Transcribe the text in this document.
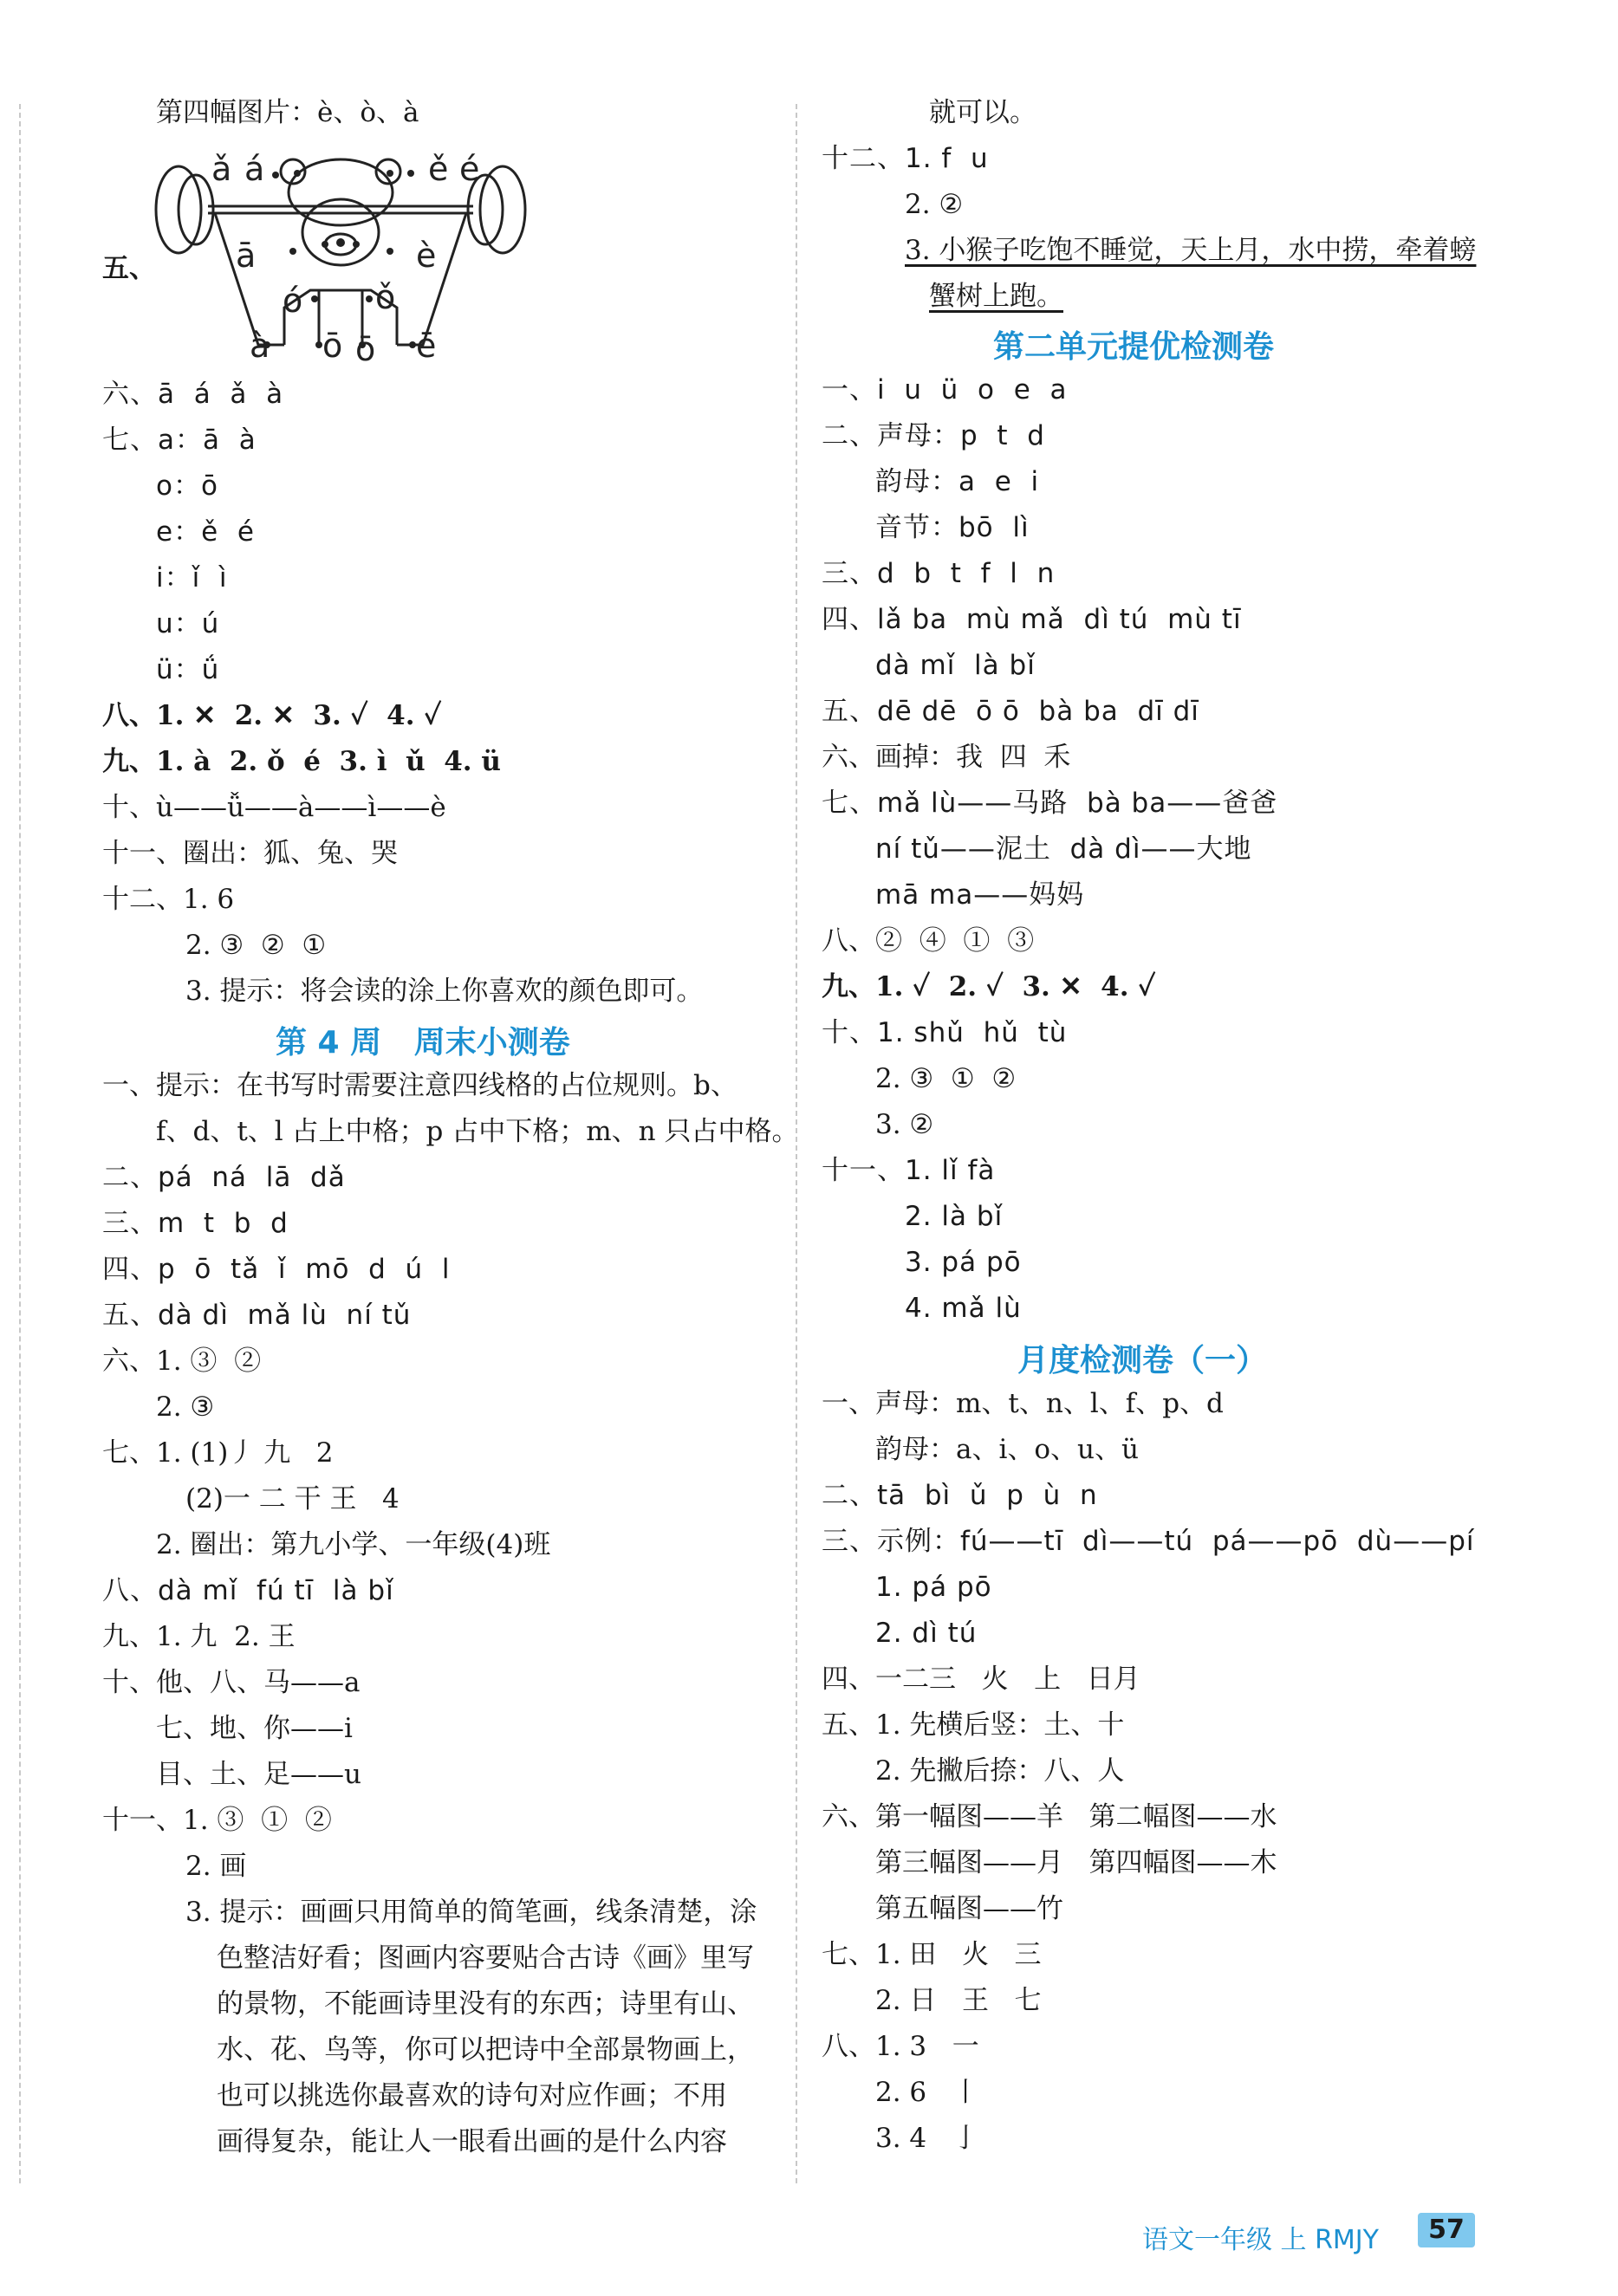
第四幅图片：è、ò、à
五、
六、ā  á  ǎ  à
七、a：ā  à
o：ō
e：ě  é
i：ǐ  ì
u：ú
ü：ǘ
八、1. ✕  2. ✕  3. ✓  4. ✓
九、1. à  2. ǒ  é  3. ì  ǔ  4. ü
十、ù——ǚ——à——ì——è
十一、圈出：狐、兔、哭
十二、1. 6
2. ③  ②  ①
3. 提示：将会读的涂上你喜欢的颜色即可。
第 4 周   周末小测卷
一、提示：在书写时需要注意四线格的占位规则。b、
f、d、t、l 占上中格；p 占中下格；m、n 只占中格。
二、pá  ná  lā  dǎ
三、m  t  b  d
四、p  ō  tǎ  ǐ  mō  d  ú  l
五、dà dì  mǎ lù  ní tǔ
六、1. ③  ②
2. ③
七、1. (1)丿 九   2
(2)一 二 干 王   4
2. 圈出：第九小学、一年级(4)班
八、dà mǐ  fú tī  là bǐ
九、1. 九  2. 王
十、他、八、马——a
七、地、你——i
目、土、足——u
十一、1. ③  ①  ②
2. 画
3. 提示：画画只用简单的简笔画，线条清楚，涂
色整洁好看；图画内容要贴合古诗《画》里写
的景物，不能画诗里没有的东西；诗里有山、
水、花、鸟等，你可以把诗中全部景物画上，
也可以挑选你最喜欢的诗句对应作画；不用
画得复杂，能让人一眼看出画的是什么内容
ǎ á	ě é
ā	è
ó ǒ
à ō ō ē
就可以。
十二、1. f  u
2. ②
3. 小猴子吃饱不睡觉，天上月，水中捞，牵着螃
蟹树上跑。
第二单元提优检测卷
一、i  u  ü  o  e  a
二、声母：p  t  d
韵母：a  e  i
音节：bō  lì
三、d  b  t  f  l  n
四、lǎ ba  mù mǎ  dì tú  mù tī
dà mǐ  là bǐ
五、dē dē  ō ō  bà ba  dī dī
六、画掉：我  四  禾
七、mǎ lù——马路  bà ba——爸爸
ní tǔ——泥土  dà dì——大地
mā ma——妈妈
八、②  ④  ①  ③
九、1. ✓  2. ✓  3. ✕  4. ✓
十、1. shǔ  hǔ  tù
2. ③  ①  ②
3. ②
十一、1. lǐ fà
2. là bǐ
3. pá pō
4. mǎ lù
月度检测卷（一）
一、声母：m、t、n、l、f、p、d
韵母：a、i、o、u、ü
二、tā  bì  ǔ  p  ù  n
三、示例：fú——tī  dì——tú  pá——pō  dù——pí
1. pá pō
2. dì tú
四、一二三   火   上   日月
五、1. 先横后竖：土、十
2. 先撇后捺：八、人
六、第一幅图——羊   第二幅图——水
第三幅图——月   第四幅图——木
第五幅图——竹
七、1. 田   火   三
2. 日   王   七
八、1. 3   一
2. 6   丨
3. 4   亅
语文一年级 上 RMJY	57
